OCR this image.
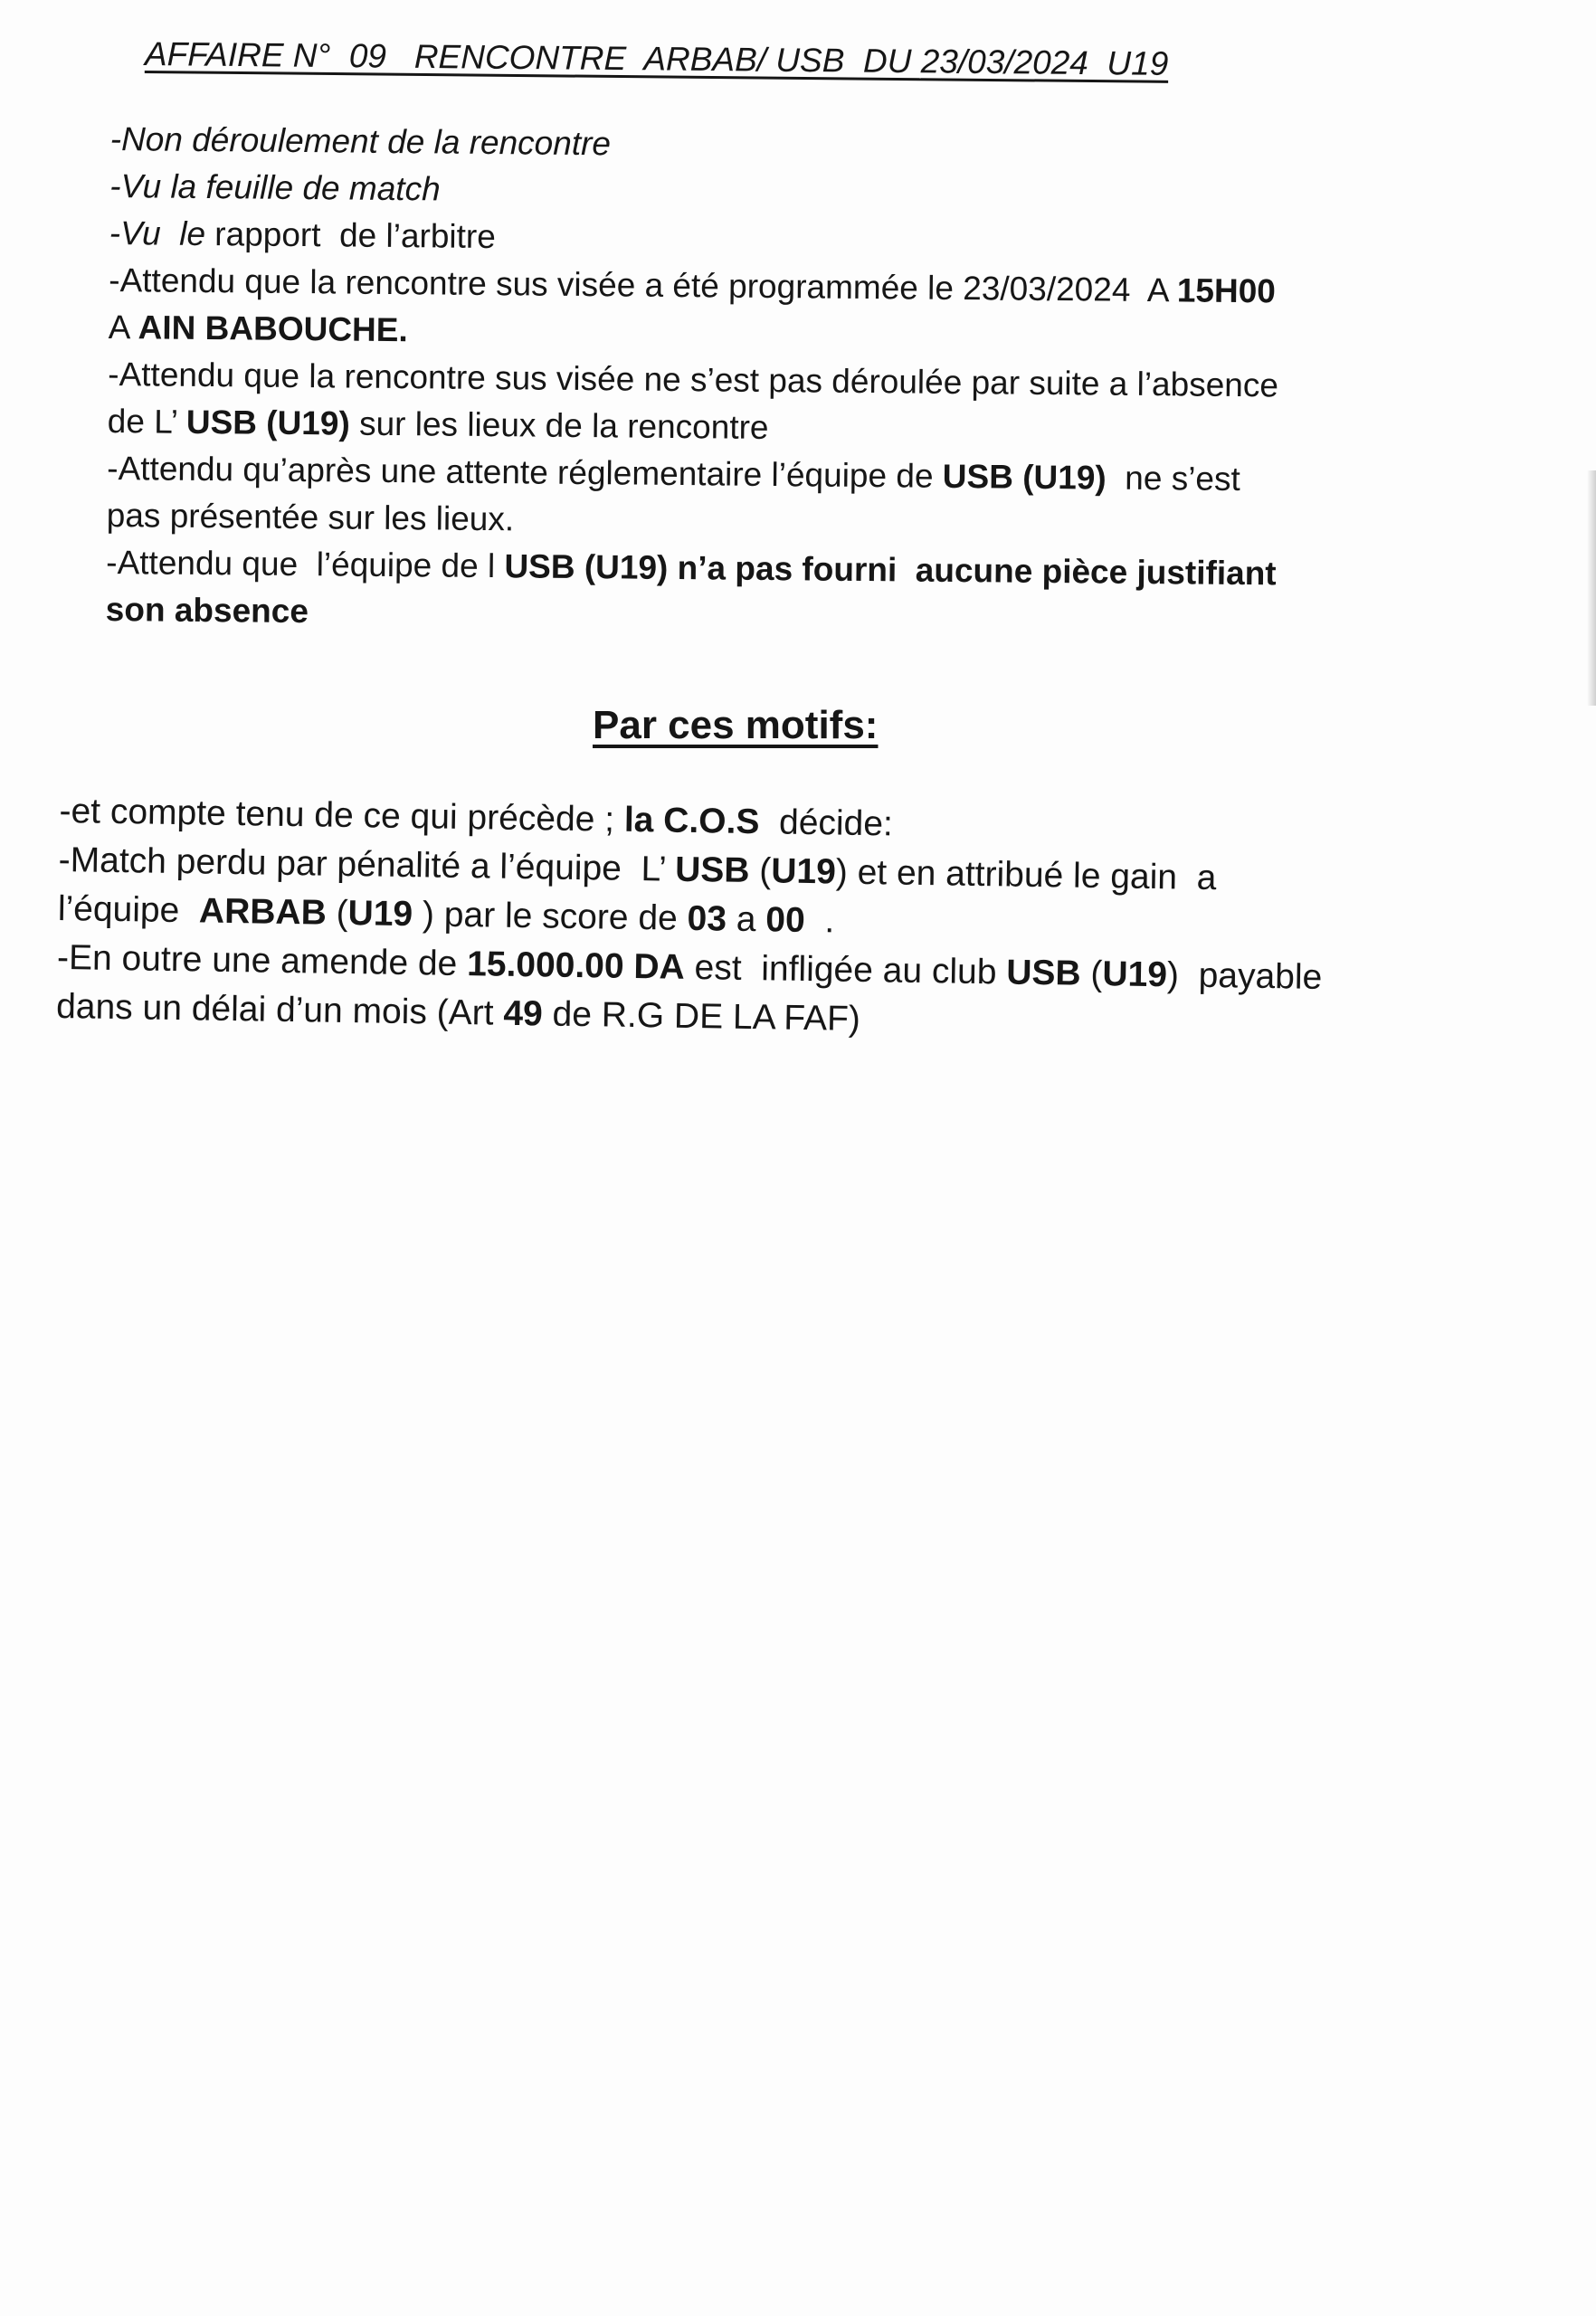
AFFAIRE N°  09   RENCONTRE  ARBAB/ USB  DU 23/03/2024  U19

-Non déroulement de la rencontre

-Vu la feuille de match

-Vu  le rapport  de l’arbitre

-Attendu que la rencontre sus visée a été programmée le 23/03/2024  A 15H00

A AIN BABOUCHE.

-Attendu que la rencontre sus visée ne s’est pas déroulée par suite a l’absence

de L’ USB (U19) sur les lieux de la rencontre

-Attendu qu’après une attente réglementaire l’équipe de USB (U19)  ne s’est

pas présentée sur les lieux.

-Attendu que  l’équipe de l USB (U19) n’a pas fourni  aucune pièce justifiant

son absence

Par ces motifs:

-et compte tenu de ce qui précède ; la C.O.S  décide:

-Match perdu par pénalité a l’équipe  L’ USB (U19) et en attribué le gain  a

l’équipe  ARBAB (U19 ) par le score de 03 a 00  .

-En outre une amende de 15.000.00 DA est  infligée au club USB (U19)  payable

dans un délai d’un mois (Art 49 de R.G DE LA FAF)
